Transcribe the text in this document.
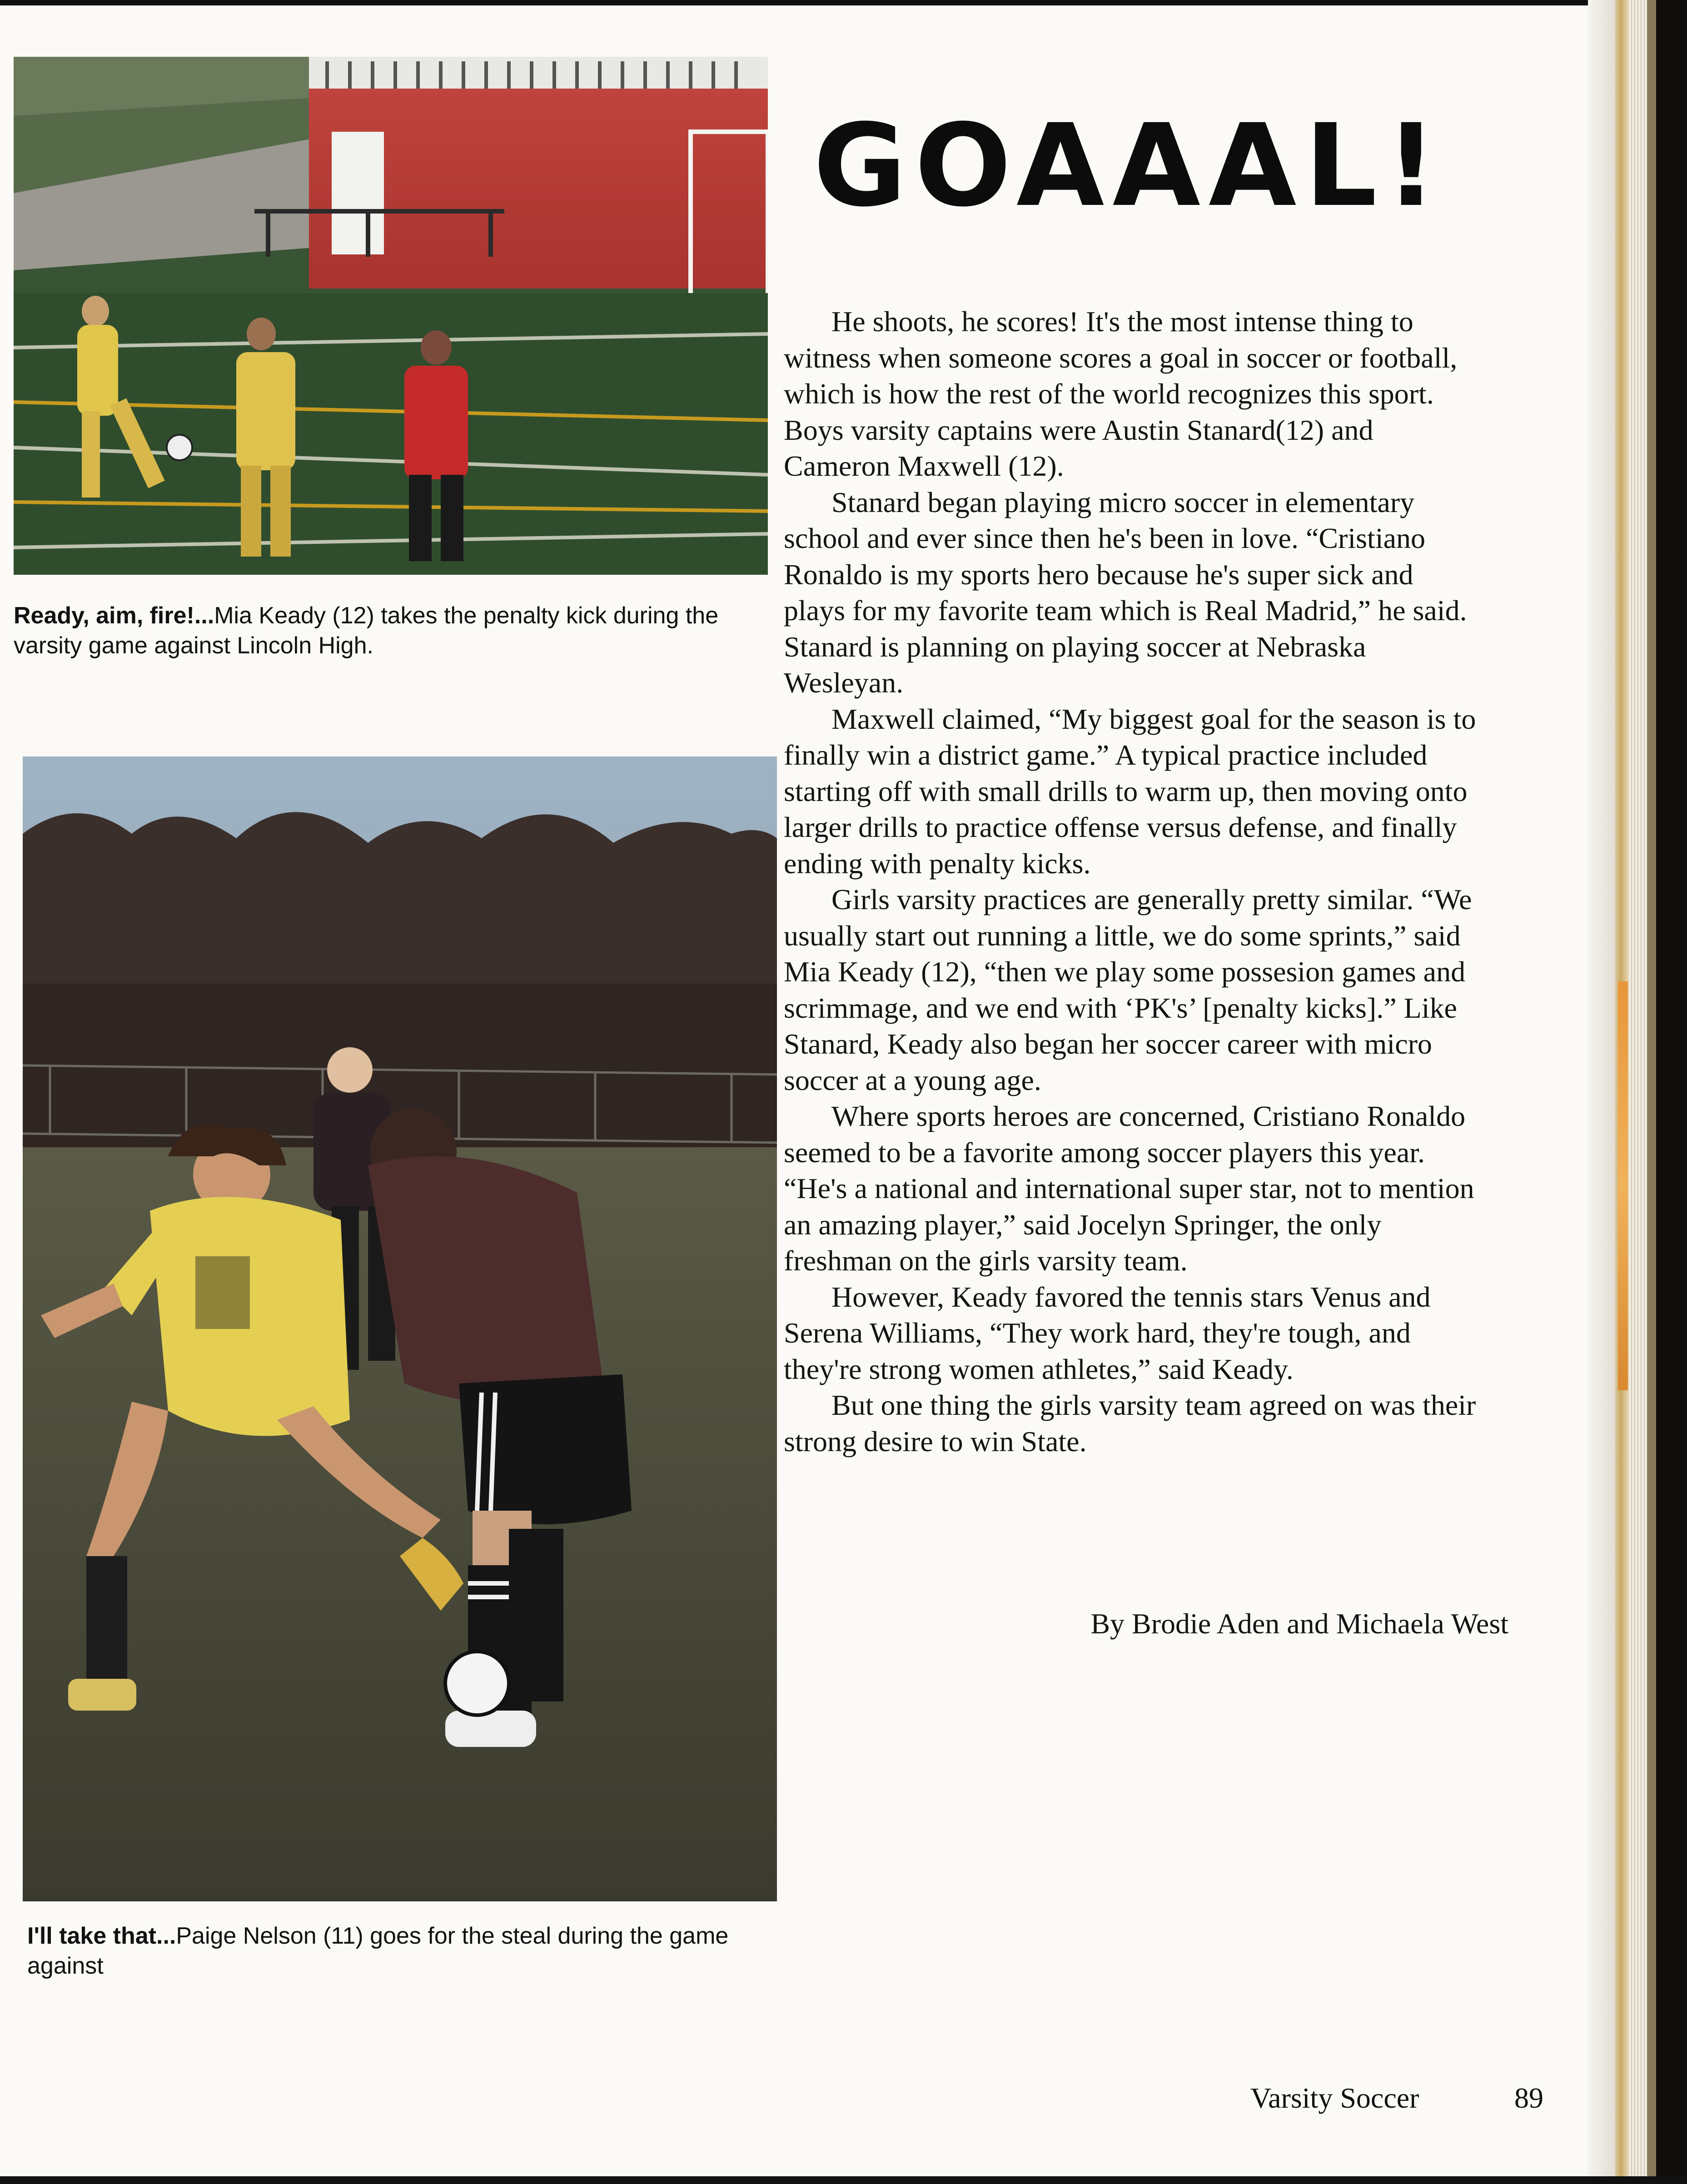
Ready, aim, fire!...Mia Keady (12) takes the penalty kick during the varsity game against Lincoln High.
I'll take that...Paige Nelson (11) goes for the steal during the game against
GOAAAL!

He shoots, he scores! It's the most intense thing to witness when someone scores a goal in soccer or football, which is how the rest of the world recognizes this sport. Boys varsity captains were Austin Stanard(12) and Cameron Maxwell (12).

Stanard began playing micro soccer in elementary school and ever since then he's been in love. “Cristiano Ronaldo is my sports hero because he's super sick and plays for my favorite team which is Real Madrid,” he said. Stanard is planning on playing soccer at Nebraska Wesleyan.

Maxwell claimed, “My biggest goal for the season is to finally win a district game.” A typical practice included starting off with small drills to warm up, then moving onto larger drills to practice offense versus defense, and finally ending with penalty kicks.

Girls varsity practices are generally pretty similar. “We usually start out running a little, we do some sprints,” said Mia Keady (12), “then we play some possesion games and scrimmage, and we end with ‘PK's’ [penalty kicks].” Like Stanard, Keady also began her soccer career with micro soccer at a young age.

Where sports heroes are concerned, Cristiano Ronaldo seemed to be a favorite among soccer players this year. “He's a national and international super star, not to mention an amazing player,” said Jocelyn Springer, the only freshman on the girls varsity team.

However, Keady favored the tennis stars Venus and Serena Williams, “They work hard, they're tough, and they're strong women athletes,” said Keady.

But one thing the girls varsity team agreed on was their strong desire to win State.

By Brodie Aden and Michaela West
Varsity Soccer	89
